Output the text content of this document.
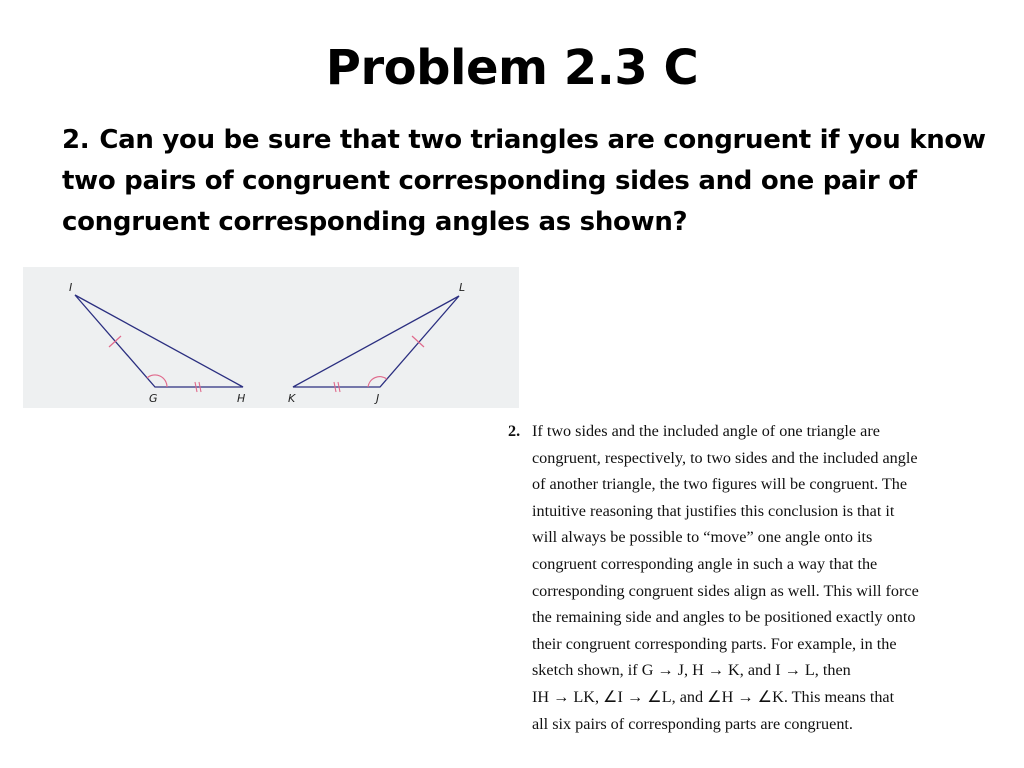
Problem 2.3 C
2. Can you be sure that two triangles are congruent if you know
two pairs of congruent corresponding sides and one pair of
congruent corresponding angles as shown?
I
G	H	K	J
L
2. If two sides and the included angle of one triangle are
congruent, respectively, to two sides and the included angle
of another triangle, the two figures will be congruent. The
intuitive reasoning that justifies this conclusion is that it
will always be possible to “move” one angle onto its
congruent corresponding angle in such a way that the
corresponding congruent sides align as well. This will force
the remaining side and angles to be positioned exactly onto
their congruent corresponding parts. For example, in the
sketch shown, if G → J, H → K, and I → L, then
IH → LK, ∠I → ∠L, and ∠H → ∠K. This means that
all six pairs of corresponding parts are congruent.
